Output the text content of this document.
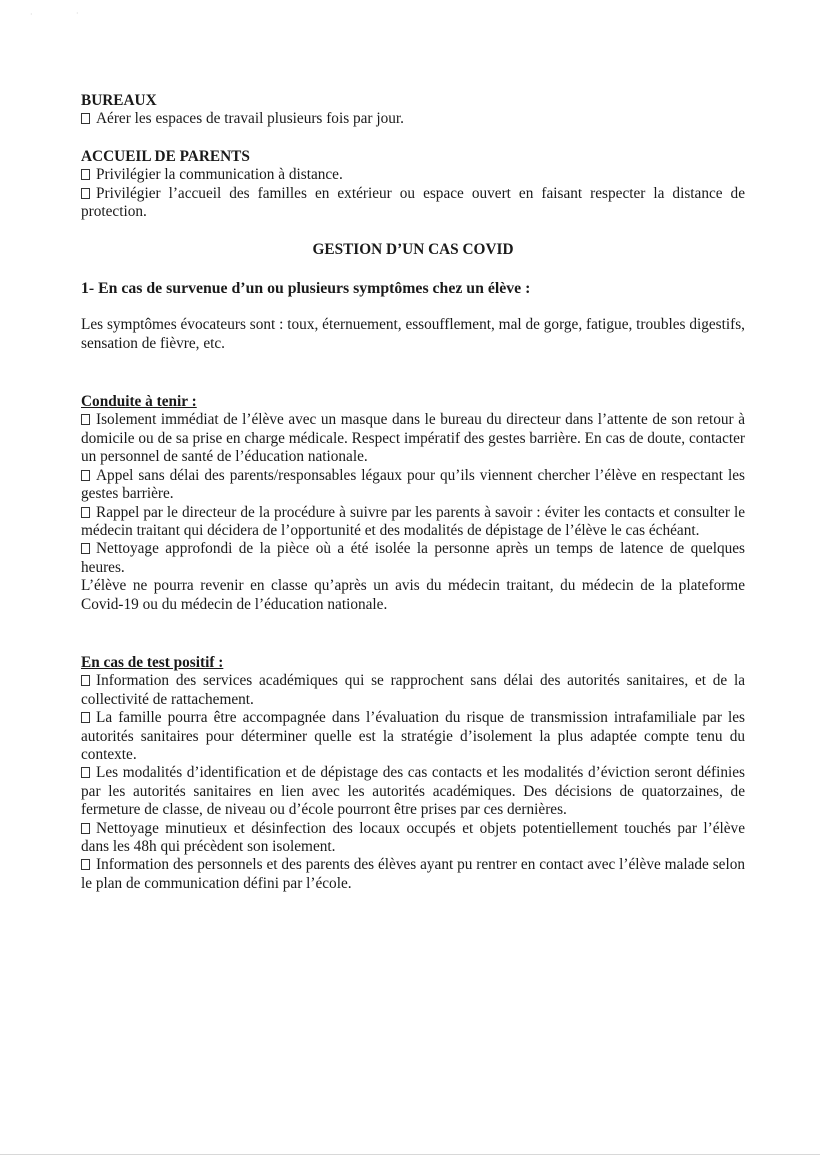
·	·

BUREAUX

Aérer les espaces de travail plusieurs fois par jour.

ACCUEIL DE PARENTS

Privilégier la communication à distance.

Privilégier l’accueil des familles en extérieur ou espace ouvert en faisant respecter la distance de protection.

GESTION D’UN CAS COVID

1- En cas de survenue d’un ou plusieurs symptômes chez un élève :

Les symptômes évocateurs sont : toux, éternuement, essoufflement, mal de gorge, fatigue, troubles digestifs, sensation de fièvre, etc.

Conduite à tenir :

Isolement immédiat de l’élève avec un masque dans le bureau du directeur dans l’attente de son retour à domicile ou de sa prise en charge médicale. Respect impératif des gestes barrière. En cas de doute, contacter un personnel de santé de l’éducation nationale.

Appel sans délai des parents/responsables légaux pour qu’ils viennent chercher l’élève en respectant les gestes barrière.

Rappel par le directeur de la procédure à suivre par les parents à savoir : éviter les contacts et consulter le médecin traitant qui décidera de l’opportunité et des modalités de dépistage de l’élève le cas échéant.

Nettoyage approfondi de la pièce où a été isolée la personne après un temps de latence de quelques heures.

L’élève ne pourra revenir en classe qu’après un avis du médecin traitant, du médecin de la plateforme Covid-19 ou du médecin de l’éducation nationale.

En cas de test positif :

Information des services académiques qui se rapprochent sans délai des autorités sanitaires, et de la collectivité de rattachement.

La famille pourra être accompagnée dans l’évaluation du risque de transmission intrafamiliale par les autorités sanitaires pour déterminer quelle est la stratégie d’isolement la plus adaptée compte tenu du contexte.

Les modalités d’identification et de dépistage des cas contacts et les modalités d’éviction seront définies par les autorités sanitaires en lien avec les autorités académiques. Des décisions de quatorzaines, de fermeture de classe, de niveau ou d’école pourront être prises par ces dernières.

Nettoyage minutieux et désinfection des locaux occupés et objets potentiellement touchés par l’élève dans les 48h qui précèdent son isolement.

Information des personnels et des parents des élèves ayant pu rentrer en contact avec l’élève malade selon le plan de communication défini par l’école.
